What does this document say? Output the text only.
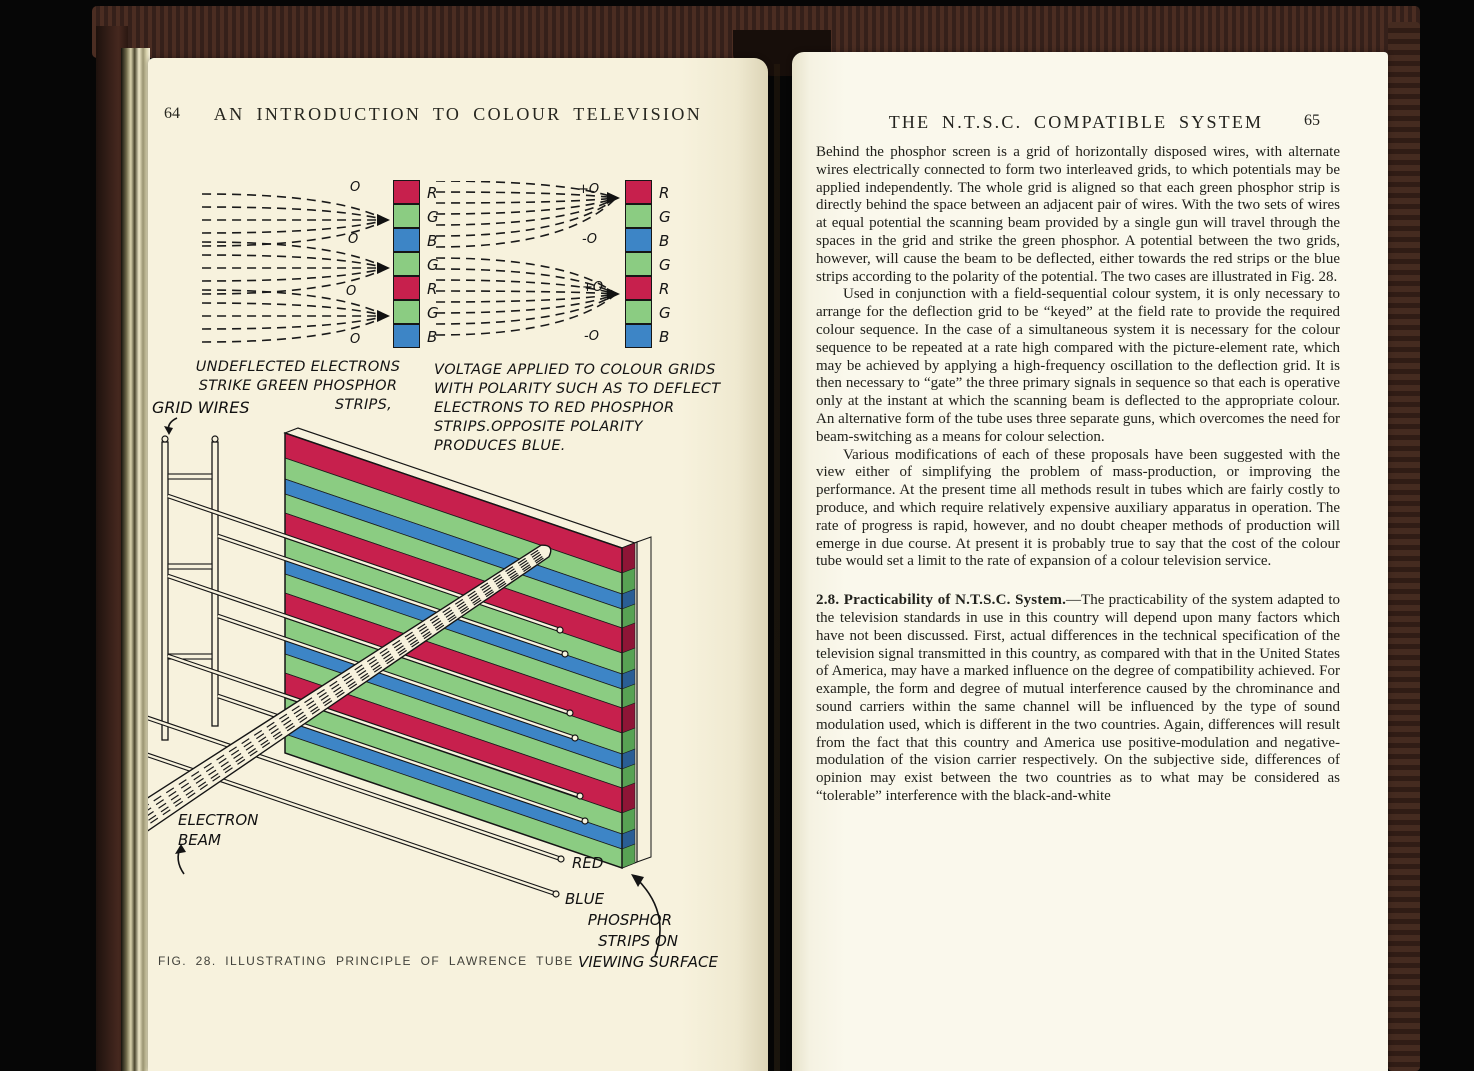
64	AN INTRODUCTION TO COLOUR TELEVISION
R
G
B
G
R
G
B
O
O
O
O
R
G
B
G
R
G
B
+O
-O
+O
-O
UNDEFLECTED ELECTRONS
STRIKE GREEN PHOSPHOR
STRIPS,
VOLTAGE APPLIED TO COLOUR GRIDS
WITH POLARITY SUCH AS TO DEFLECT
ELECTRONS TO RED PHOSPHOR
STRIPS.OPPOSITE POLARITY
PRODUCES BLUE.
GRID WIRES
ELECTRON
BEAM
RED
BLUE
PHOSPHOR
STRIPS ON
VIEWING SURFACE
FIG. 28. ILLUSTRATING PRINCIPLE OF LAWRENCE TUBE
THE N.T.S.C. COMPATIBLE SYSTEM	65

Behind the phosphor screen is a grid of horizontally disposed wires, with alternate wires electrically connected to form two interleaved grids, to which potentials may be applied independently. The whole grid is aligned so that each green phosphor strip is directly behind the space between an adjacent pair of wires. With the two sets of wires at equal potential the scanning beam provided by a single gun will travel through the spaces in the grid and strike the green phosphor. A potential between the two grids, however, will cause the beam to be deflected, either towards the red strips or the blue strips according to the polarity of the potential. The two cases are illustrated in Fig. 28.

Used in conjunction with a field-sequential colour system, it is only necessary to arrange for the deflection grid to be “keyed” at the field rate to provide the required colour sequence. In the case of a simultaneous system it is necessary for the colour sequence to be repeated at a rate high compared with the picture-element rate, which may be achieved by applying a high-frequency oscillation to the deflection grid. It is then necessary to “gate” the three primary signals in sequence so that each is operative only at the instant at which the scanning beam is deflected to the appropriate colour. An alternative form of the tube uses three separate guns, which overcomes the need for beam-switching as a means for colour selection.

Various modifications of each of these proposals have been suggested with the view either of simplifying the problem of mass-production, or improving the performance. At the present time all methods result in tubes which are fairly costly to produce, and which require relatively expensive auxiliary apparatus in operation. The rate of progress is rapid, however, and no doubt cheaper methods of production will emerge in due course. At present it is probably true to say that the cost of the colour tube would set a limit to the rate of expansion of a colour television service.

2.8. Practicability of N.T.S.C. System.—The practicability of the system adapted to the television standards in use in this country will depend upon many factors which have not been discussed. First, actual differences in the technical specification of the television signal transmitted in this country, as compared with that in the United States of America, may have a marked influence on the degree of compatibility achieved. For example, the form and degree of mutual interference caused by the chrominance and sound carriers within the same channel will be influenced by the type of sound modulation used, which is different in the two countries. Again, differences will result from the fact that this country and America use positive-modulation and negative-modulation of the vision carrier respectively. On the subjective side, differences of opinion may exist between the two countries as to what may be considered as “tolerable” interference with the black-and-white
